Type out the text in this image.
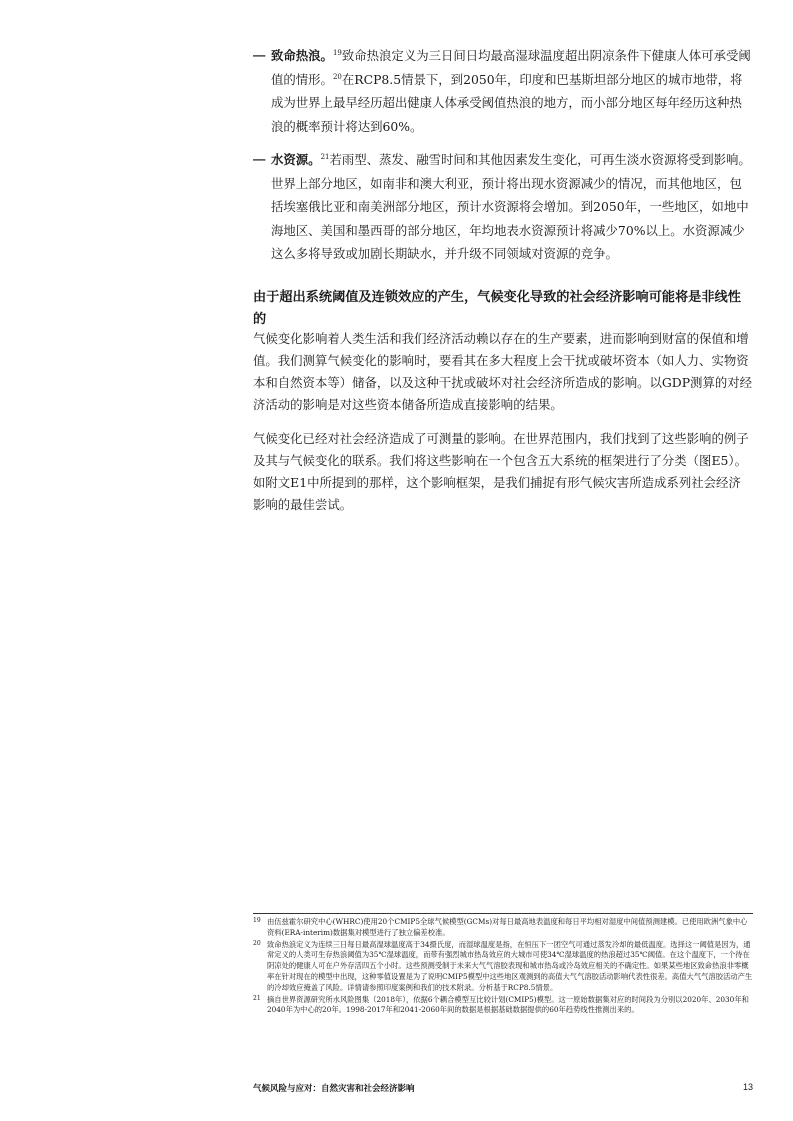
— 致命热浪。$^{19}$致命热浪定义为三日间日均最高湿球温度超出阴凉条件下健康人体可承受阈值的情形。$^{20}$在RCP8.5情景下，到2050年，印度和巴基斯坦部分地区的城市地带，将成为世界上最早经历超出健康人体承受阈值热浪的地方，而小部分地区每年经历这种热浪的概率预计将达到60%。
— 水资源。$^{21}$若雨型、蒸发、融雪时间和其他因素发生变化，可再生淡水资源将受到影响。世界上部分地区，如南非和澳大利亚，预计将出现水资源减少的情况，而其他地区，包括埃塞俄比亚和南美洲部分地区，预计水资源将会增加。到2050年，一些地区，如地中海地区、美国和墨西哥的部分地区，年均地表水资源预计将减少70%以上。水资源减少这么多将导致或加剧长期缺水，并升级不同领域对资源的竞争。
由于超出系统阈值及连锁效应的产生，气候变化导致的社会经济影响可能将是非线性的
气候变化影响着人类生活和我们经济活动赖以存在的生产要素，进而影响到财富的保值和增值。我们测算气候变化的影响时，要看其在多大程度上会干扰或破坏资本（如人力、实物资本和自然资本等）储备，以及这种干扰或破坏对社会经济所造成的影响。以GDP测算的对经济活动的影响是对这些资本储备所造成直接影响的结果。
气候变化已经对社会经济造成了可测量的影响。在世界范围内，我们找到了这些影响的例子及其与气候变化的联系。我们将这些影响在一个包含五大系统的框架进行了分类（图E5）。如附文E1中所提到的那样，这个影响框架，是我们捕捉有形气候灾害所造成系列社会经济影响的最佳尝试。
19 由伍兹霍尔研究中心(WHRC)使用20个CMIP5全球气候模型(GCMs)对每日最高地表温度和每日平均相对湿度中间值预测建模。已使用欧洲气象中心资料(ERA-interim)数据集对模型进行了独立偏差校准。
20 致命热浪定义为连续三日每日最高湿球温度高于34摄氏度，而湿球温度是指，在恒压下一团空气可通过蒸发冷却的最低温度。选择这一阈值是因为，通常定义的人类可生存热浪阈值为35℃湿球温度，而带有强烈城市热岛效应的大城市可使34℃湿球温度的热浪超过35℃阈值。在这个温度下，一个待在阴凉处的健康人可在户外存活四五个小时。这些预测受制于未来大气气溶胶表现和城市热岛或冷岛效应相关的不确定性。如果某些地区致命热浪非零概率在针对现在的模型中出现，这种零值设置是为了说明CMIP5模型中这些地区观测到的高值大气气溶胶活动影响代表性很差。高值大气气溶胶活动产生的冷却效应掩盖了风险。详情请参照印度案例和我们的技术附录。分析基于RCP8.5情景。
21 摘自世界资源研究所水风险图集（2018年），依据6个耦合模型互比较计划(CMIP5)模型。这一原始数据集对应的时间段为分别以2020年、2030年和2040年为中心的20年。1998-2017年和2041-2060年间的数据是根据基础数据提供的60年趋势线性推测出来的。
气候风险与应对：自然灾害和社会经济影响	13
